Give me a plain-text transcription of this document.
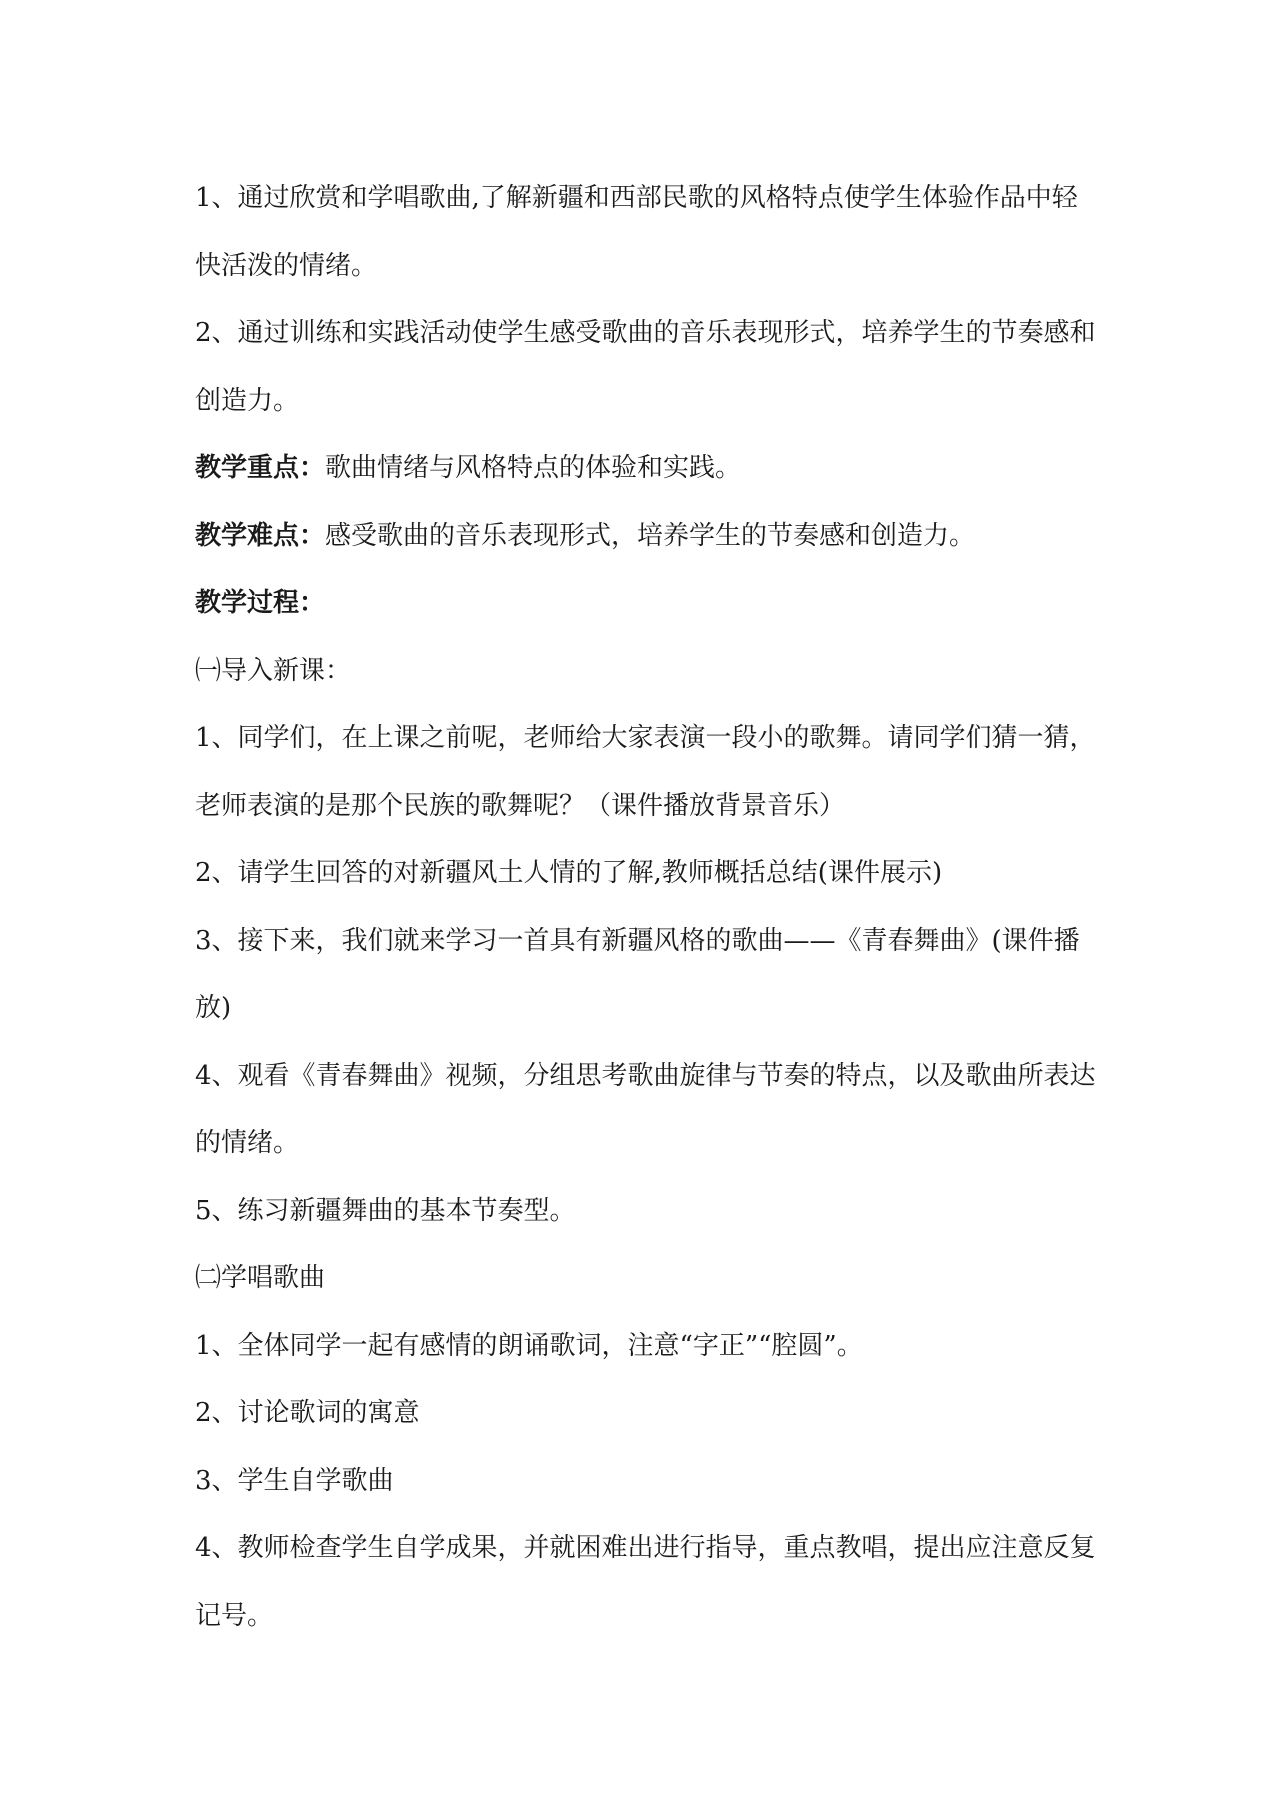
1、通过欣赏和学唱歌曲,了解新疆和西部民歌的风格特点使学生体验作品中轻

快活泼的情绪。

2、通过训练和实践活动使学生感受歌曲的音乐表现形式，培养学生的节奏感和

创造力。

教学重点：歌曲情绪与风格特点的体验和实践。

教学难点：感受歌曲的音乐表现形式，培养学生的节奏感和创造力。

教学过程：

㈠导入新课：

1、同学们，在上课之前呢，老师给大家表演一段小的歌舞。请同学们猜一猜，

老师表演的是那个民族的歌舞呢？（课件播放背景音乐）

2、请学生回答的对新疆风土人情的了解,教师概括总结(课件展示)

3、接下来，我们就来学习一首具有新疆风格的歌曲——《青春舞曲》(课件播

放)

4、观看《青春舞曲》视频，分组思考歌曲旋律与节奏的特点，以及歌曲所表达

的情绪。

5、练习新疆舞曲的基本节奏型。

㈡学唱歌曲

1、全体同学一起有感情的朗诵歌词，注意“字正”“腔圆”。

2、讨论歌词的寓意

3、学生自学歌曲

4、教师检查学生自学成果，并就困难出进行指导，重点教唱，提出应注意反复

记号。
